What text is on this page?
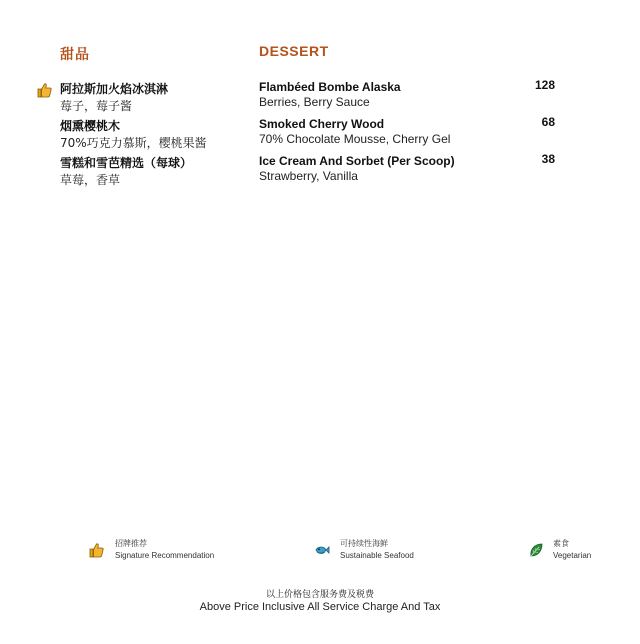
甜品	DESSERT
阿拉斯加火焰冰淇淋
莓子，莓子酱
Flambéed Bombe Alaska
Berries, Berry Sauce
128
烟熏樱桃木
70%巧克力慕斯，樱桃果酱
Smoked Cherry Wood
70% Chocolate Mousse, Cherry Gel
68
雪糕和雪芭精选（每球）
草莓，香草
Ice Cream And Sorbet (Per Scoop)
Strawberry, Vanilla
38
招牌推荐
Signature Recommendation
可持续性海鲜
Sustainable Seafood
素食
Vegetarian
以上价格包含服务费及税费
Above Price Inclusive All Service Charge And Tax
